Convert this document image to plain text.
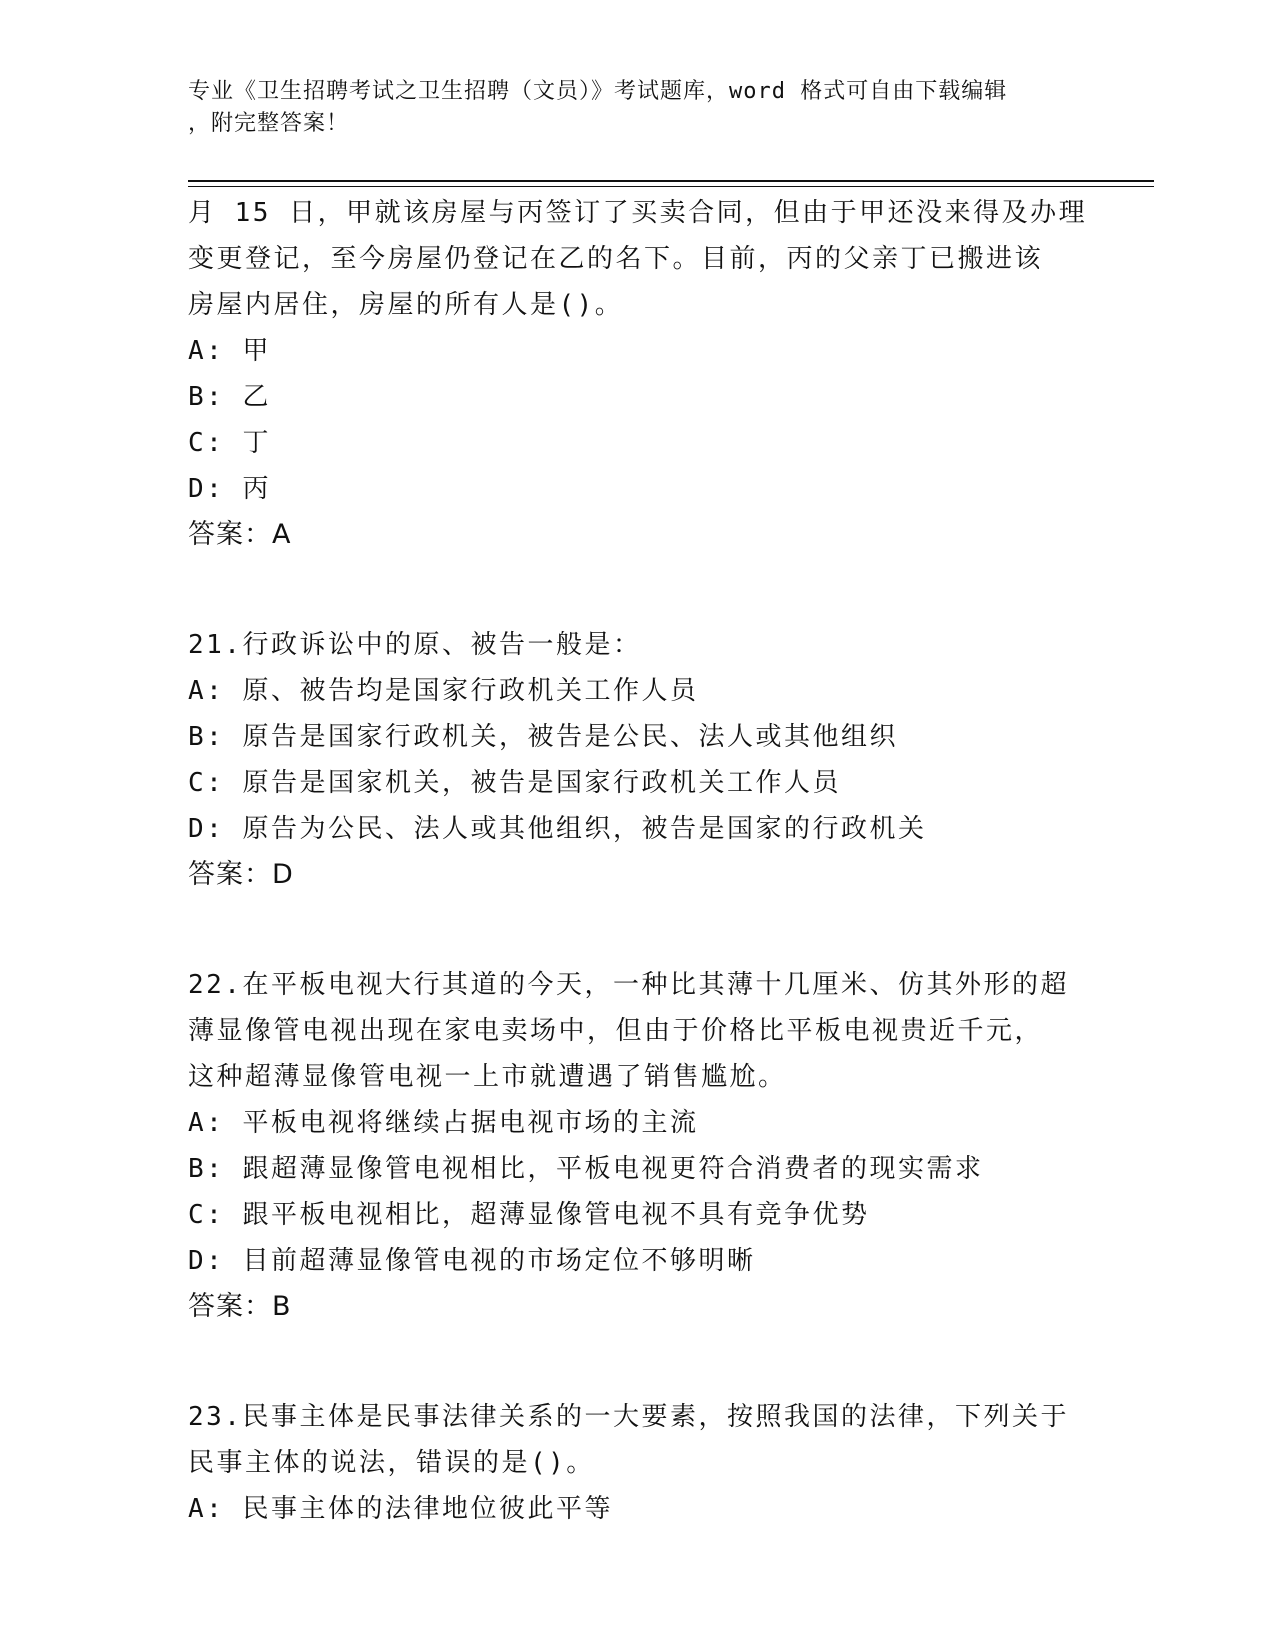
专业《卫生招聘考试之卫生招聘（文员）》考试题库，word 格式可自由下载编辑
，附完整答案！
月 15 日，甲就该房屋与丙签订了买卖合同，但由于甲还没来得及办理
变更登记，至今房屋仍登记在乙的名下。目前，丙的父亲丁已搬进该
房屋内居住，房屋的所有人是()。
A: 甲
B: 乙
C: 丁
D: 丙
答案：A
21.行政诉讼中的原、被告一般是：
A: 原、被告均是国家行政机关工作人员
B: 原告是国家行政机关，被告是公民、法人或其他组织
C: 原告是国家机关，被告是国家行政机关工作人员
D: 原告为公民、法人或其他组织，被告是国家的行政机关
答案：D
22.在平板电视大行其道的今天，一种比其薄十几厘米、仿其外形的超
薄显像管电视出现在家电卖场中，但由于价格比平板电视贵近千元，
这种超薄显像管电视一上市就遭遇了销售尴尬。
A: 平板电视将继续占据电视市场的主流
B: 跟超薄显像管电视相比，平板电视更符合消费者的现实需求
C: 跟平板电视相比，超薄显像管电视不具有竞争优势
D: 目前超薄显像管电视的市场定位不够明晰
答案：B
23.民事主体是民事法律关系的一大要素，按照我国的法律，下列关于
民事主体的说法，错误的是()。
A: 民事主体的法律地位彼此平等
